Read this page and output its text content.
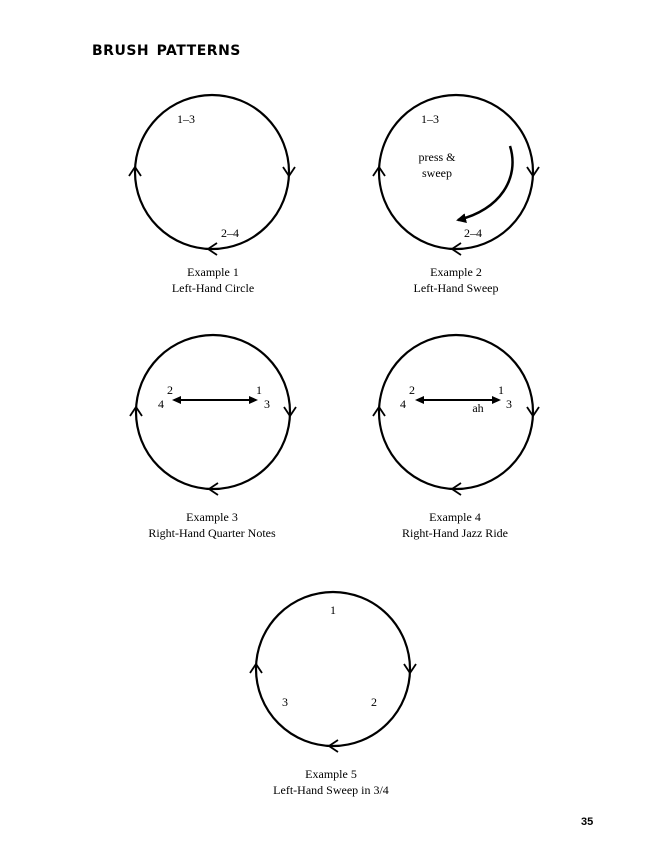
brush patterns
1–3
2–4
Example 1
Left-Hand Circle
1–3
2–4
press &
sweep
Example 2
Left-Hand Sweep
2
4
1
3
Example 3
Right-Hand Quarter Notes
2
4
1
3
ah
Example 4
Right-Hand Jazz Ride
1
3	2
Example 5
Left-Hand Sweep in 3/4
35
